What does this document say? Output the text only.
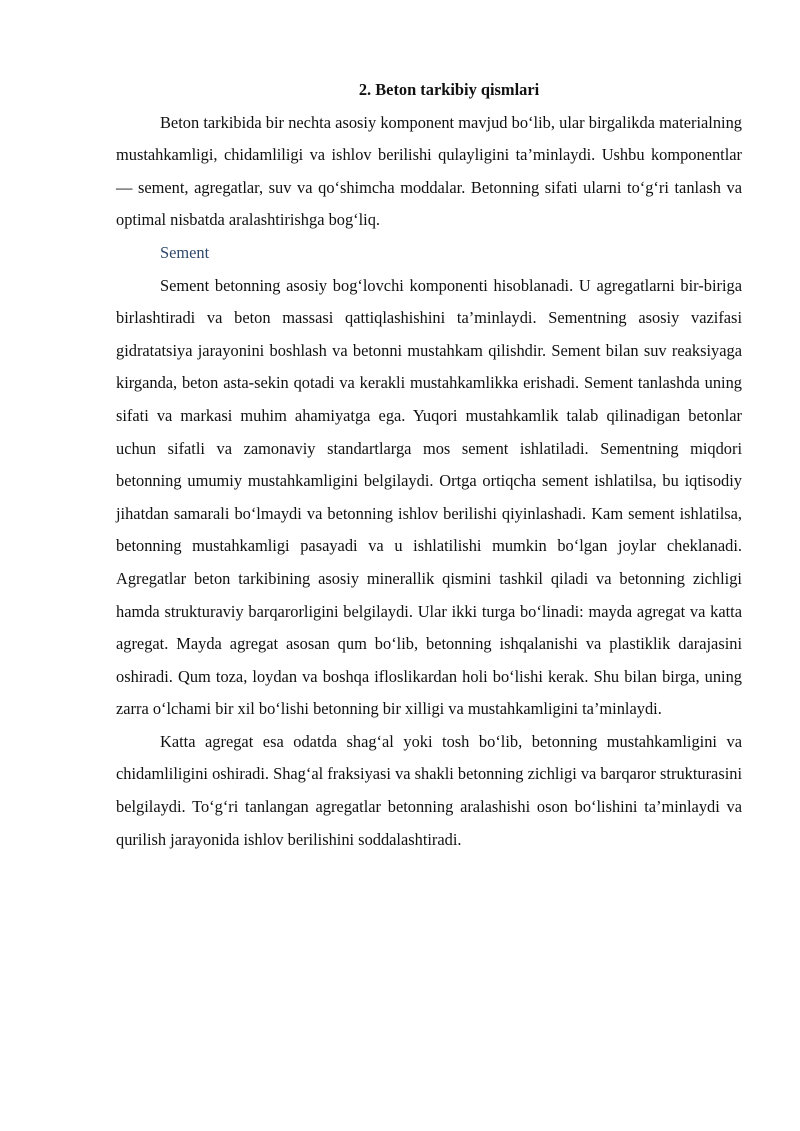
2. Beton tarkibiy qismlari

Beton tarkibida bir nechta asosiy komponent mavjud bo‘lib, ular birgalikda materialning mustahkamligi, chidamliligi va ishlov berilishi qulayligini ta’minlaydi. Ushbu komponentlar — sement, agregatlar, suv va qo‘shimcha moddalar. Betonning sifati ularni to‘g‘ri tanlash va optimal nisbatda aralashtirishga bog‘liq.

Sement

Sement betonning asosiy bog‘lovchi komponenti hisoblanadi. U agregatlarni bir-biriga birlashtiradi va beton massasi qattiqlashishini ta’minlaydi. Sementning asosiy vazifasi gidratatsiya jarayonini boshlash va betonni mustahkam qilishdir. Sement bilan suv reaksiyaga kirganda, beton asta-sekin qotadi va kerakli mustahkamlikka erishadi. Sement tanlashda uning sifati va markasi muhim ahamiyatga ega. Yuqori mustahkamlik talab qilinadigan betonlar uchun sifatli va zamonaviy standartlarga mos sement ishlatiladi. Sementning miqdori betonning umumiy mustahkamligini belgilaydi. Ortga ortiqcha sement ishlatilsa, bu iqtisodiy jihatdan samarali bo‘lmaydi va betonning ishlov berilishi qiyinlashadi. Kam sement ishlatilsa, betonning mustahkamligi pasayadi va u ishlatilishi mumkin bo‘lgan joylar cheklanadi. Agregatlar beton tarkibining asosiy minerallik qismini tashkil qiladi va betonning zichligi hamda strukturaviy barqarorligini belgilaydi. Ular ikki turga bo‘linadi: mayda agregat va katta agregat. Mayda agregat asosan qum bo‘lib, betonning ishqalanishi va plastiklik darajasini oshiradi. Qum toza, loydan va boshqa ifloslikardan holi bo‘lishi kerak. Shu bilan birga, uning zarra o‘lchami bir xil bo‘lishi betonning bir xilligi va mustahkamligini ta’minlaydi.

Katta agregat esa odatda shag‘al yoki tosh bo‘lib, betonning mustahkamligini va chidamliligini oshiradi. Shag‘al fraksiyasi va shakli betonning zichligi va barqaror strukturasini belgilaydi. To‘g‘ri tanlangan agregatlar betonning aralashishi oson bo‘lishini ta’minlaydi va qurilish jarayonida ishlov berilishini soddalashtiradi.
